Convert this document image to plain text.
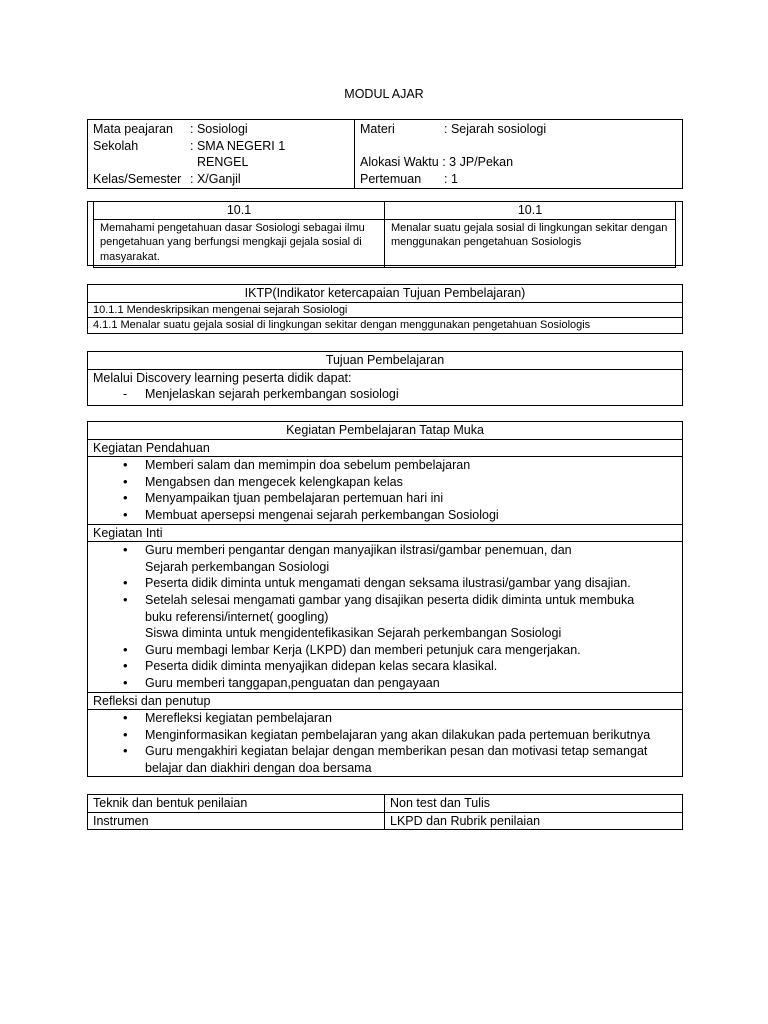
MODUL AJAR
Mata peajaran : Sosiologi
Sekolah	: SMA NEGERI 1
RENGEL
Kelas/Semester : X/Ganjil

Materi	: Sejarah sosiologi

Alokasi Waktu : 3 JP/Pekan
Pertemuan : 1
10.1	10.1
Memahami pengetahuan dasar Sosiologi sebagai ilmu pengetahuan yang berfungsi mengkaji gejala sosial di masyarakat.	Menalar suatu gejala sosial di lingkungan sekitar dengan menggunakan pengetahuan Sosiologis
IKTP(Indikator ketercapaian Tujuan Pembelajaran)
10.1.1 Mendeskripsikan mengenai sejarah Sosiologi
4.1.1 Menalar suatu gejala sosial di lingkungan sekitar dengan menggunakan pengetahuan Sosiologis
Tujuan Pembelajaran

Melalui Discovery learning peserta didik dapat:
- Menjelaskan sejarah perkembangan sosiologi
Kegiatan Pembelajaran Tatap Muka
Kegiatan Pendahuan

• Memberi salam dan memimpin doa sebelum pembelajaran
• Mengabsen dan mengecek kelengkapan kelas
• Menyampaikan tjuan pembelajaran pertemuan hari ini
• Membuat apersepsi mengenai sejarah perkembangan Sosiologi

Kegiatan Inti

• Guru memberi pengantar dengan manyajikan ilstrasi/gambar penemuan, dan
Sejarah perkembangan Sosiologi
• Peserta didik diminta untuk mengamati dengan seksama ilustrasi/gambar yang disajian.
• Setelah selesai mengamati gambar yang disajikan peserta didik diminta untuk membuka
buku referensi/internet( googling)
Siswa diminta untuk mengidentefikasikan Sejarah perkembangan Sosiologi
• Guru membagi lembar Kerja (LKPD) dan memberi petunjuk cara mengerjakan.
• Peserta didik diminta menyajikan didepan kelas secara klasikal.
• Guru memberi tanggapan,penguatan dan pengayaan

Refleksi dan penutup

• Merefleksi kegiatan pembelajaran
• Menginformasikan kegiatan pembelajaran yang akan dilakukan pada pertemuan berikutnya
• Guru mengakhiri kegiatan belajar dengan memberikan pesan dan motivasi tetap semangat
belajar dan diakhiri dengan doa bersama
Teknik dan bentuk penilaian	Non test dan Tulis
Instrumen	LKPD dan Rubrik penilaian
